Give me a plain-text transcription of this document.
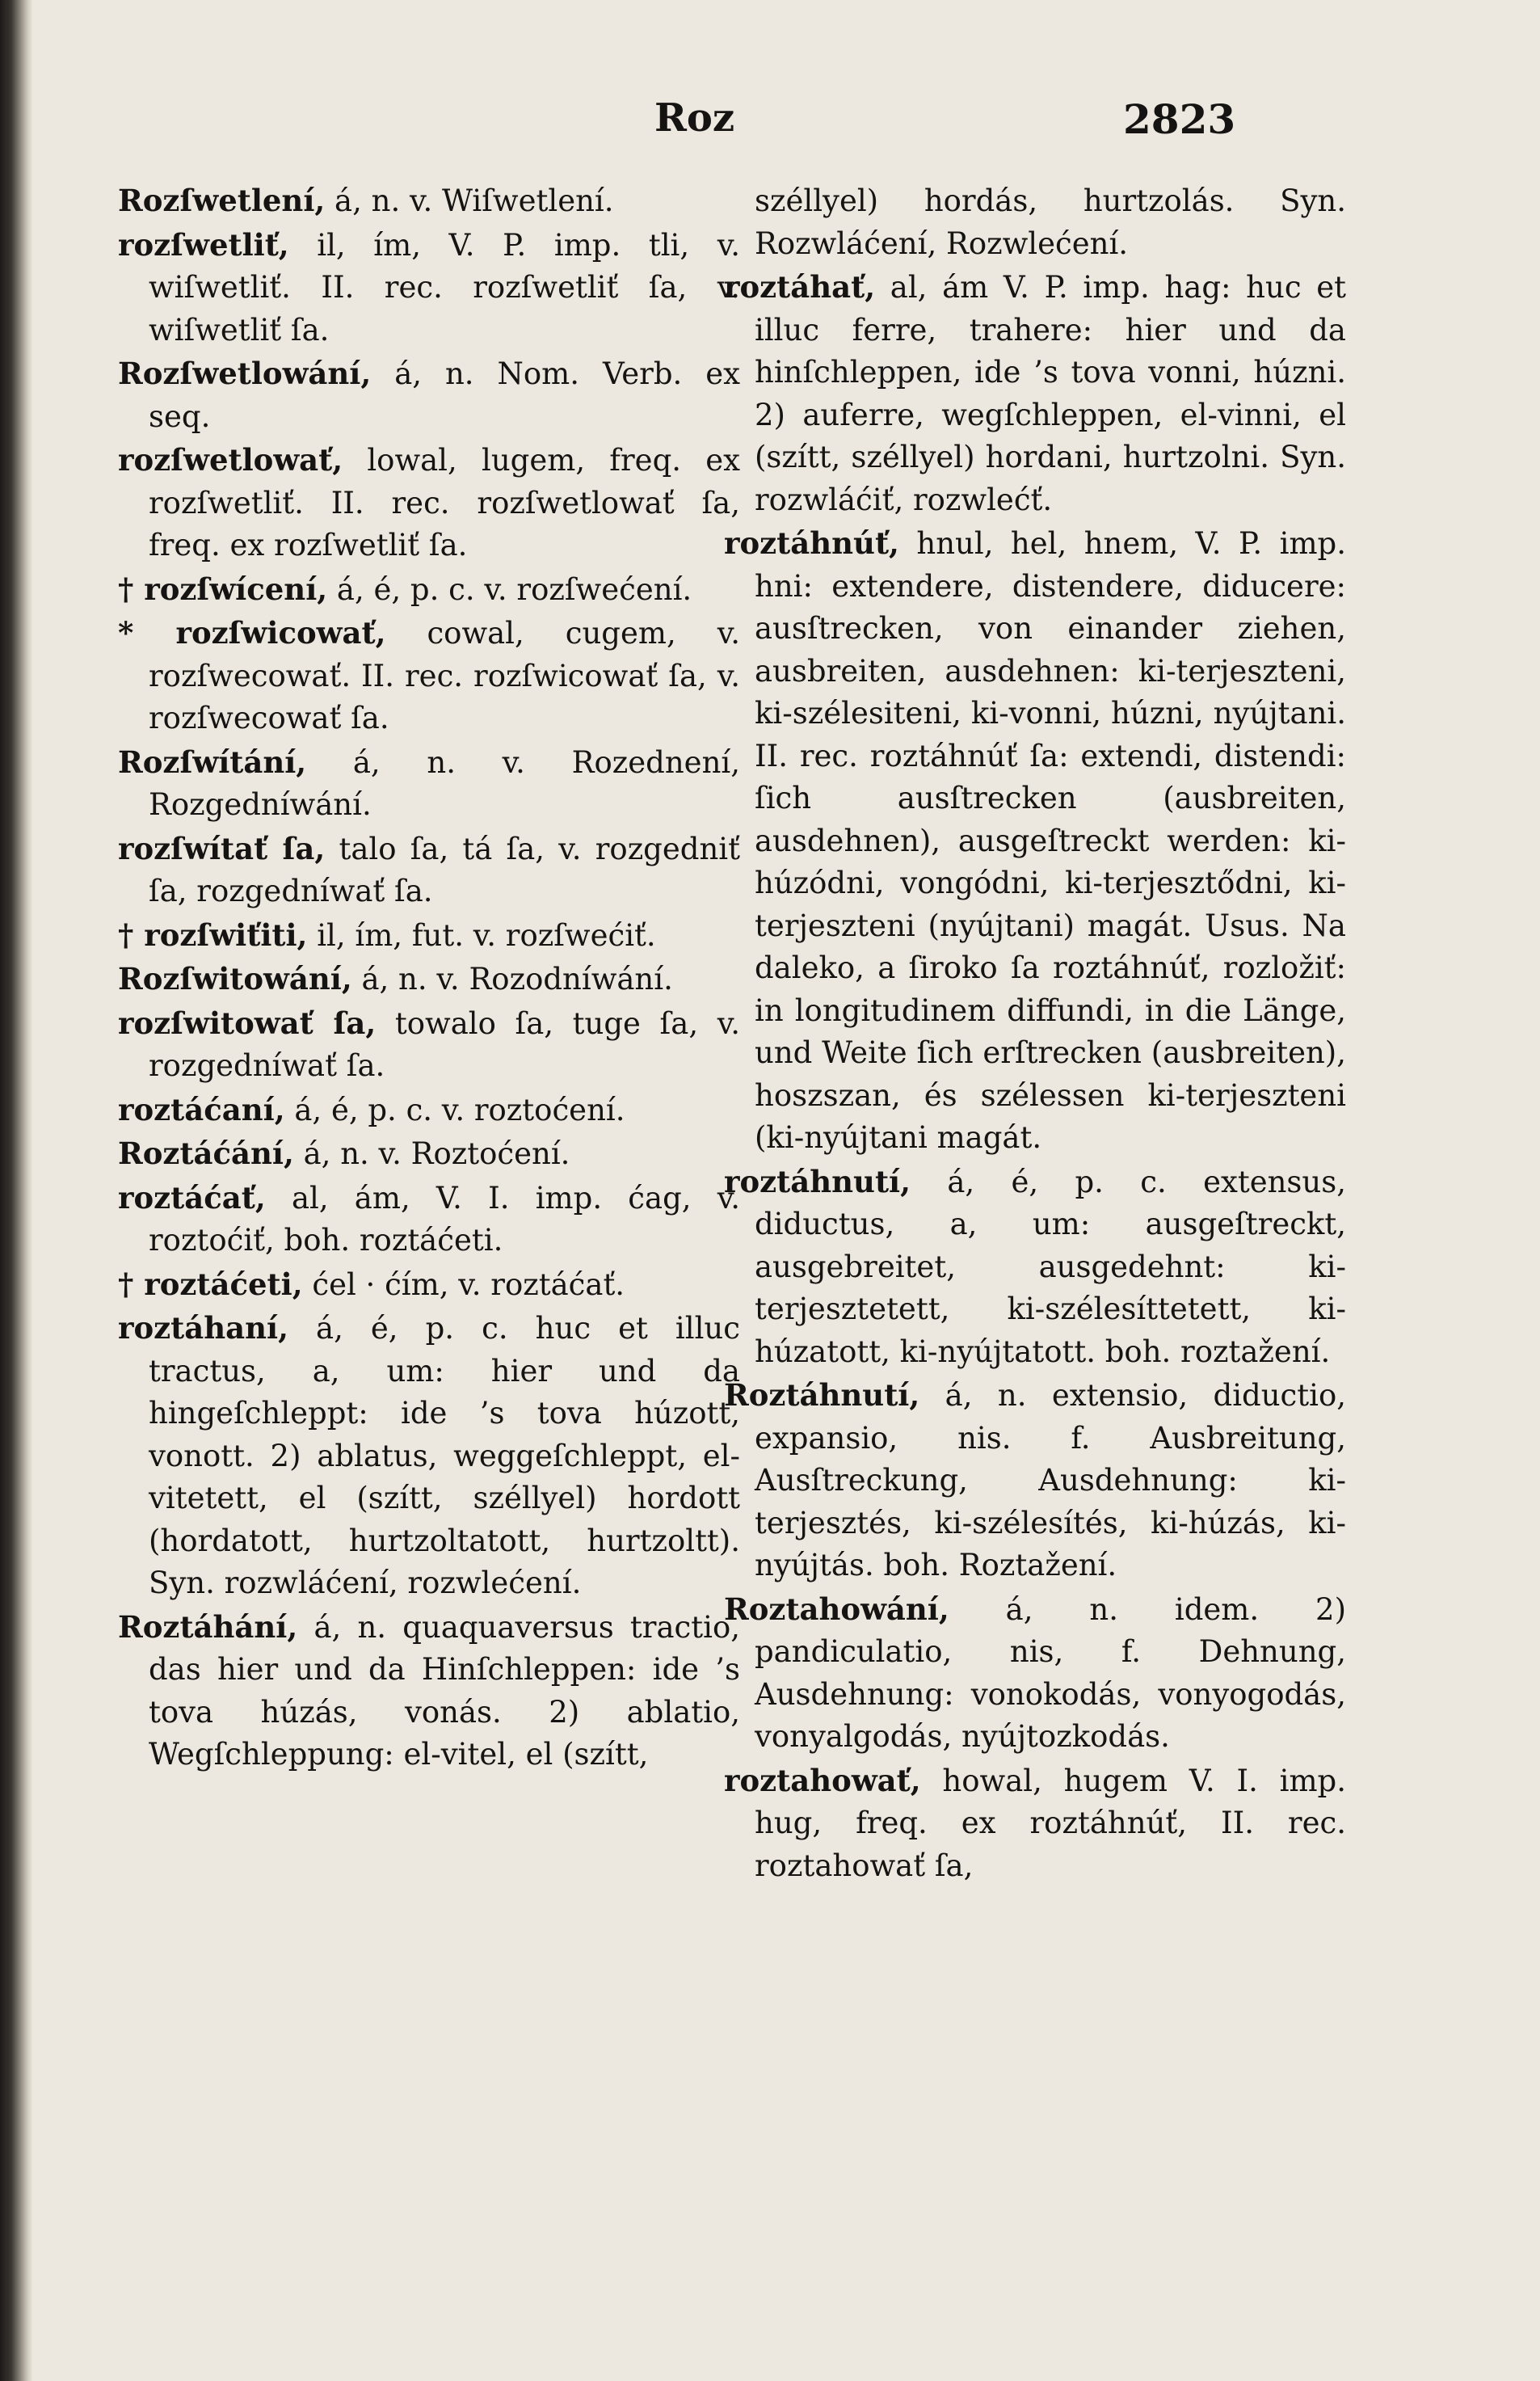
Roz	2823

Rozſwetlení, á, n. v. Wiſwetlení.

rozſwetliť, il, ím, V. P. imp. tli, v. wiſwetliť. II. rec. rozſwetliť ſa, v. wiſwetliť ſa.

Rozſwetlowání, á, n. Nom. Verb. ex seq.

rozſwetlowať, lowal, lugem, freq. ex rozſwetliť. II. rec. rozſwetlowať ſa, freq. ex rozſwetliť ſa.

† rozſwícení, á, é, p. c. v. rozſwećení.

* rozſwicowať, cowal, cugem, v. rozſwecowať. II. rec. rozſwicowať ſa, v. rozſwecowať ſa.

Rozſwítání, á, n. v. Rozednení, Rozgedníwání.

rozſwítať ſa, talo ſa, tá ſa, v. rozgedniť ſa, rozgedníwať ſa.

† rozſwiťiti, il, ím, fut. v. rozſwećiť.

Rozſwitowání, á, n. v. Rozodníwání.

rozſwitowať ſa, towalo ſa, tuge ſa, v. rozgedníwať ſa.

roztáćaní, á, é, p. c. v. roztoćení.

Roztáćání, á, n. v. Roztoćení.

roztáćať, al, ám, V. I. imp. ćag, v. roztoćiť, boh. roztáćeti.

† roztáćeti, ćel · ćím, v. roztáćať.

roztáhaní, á, é, p. c. huc et illuc tractus, a, um: hier und da hingeſchleppt: ide ’s tova húzott, vonott. 2) ablatus, weggeſchleppt, el-vitetett, el (szítt, széllyel) hordott (hordatott, hurtzoltatott, hurtzoltt). Syn. rozwláćení, rozwlećení.

Roztáhání, á, n. quaquaversus tractio, das hier und da Hinſchleppen: ide ’s tova húzás, vonás. 2) ablatio, Wegſchleppung: el-vitel, el (szítt,

széllyel) hordás, hurtzolás. Syn. Rozwláćení, Rozwlećení.

roztáhať, al, ám V. P. imp. hag: huc et illuc ferre, trahere: hier und da hinſchleppen, ide ’s tova vonni, húzni. 2) auferre, wegſchleppen, el-vinni, el (szítt, széllyel) hordani, hurtzolni. Syn. rozwláćiť, rozwlećť.

roztáhnúť, hnul, hel, hnem, V. P. imp. hni: extendere, distendere, diducere: ausſtrecken, von einander ziehen, ausbreiten, ausdehnen: ki-terjeszteni, ki-szélesiteni, ki-vonni, húzni, nyújtani. II. rec. roztáhnúť ſa: extendi, distendi: ſich ausſtrecken (ausbreiten, ausdehnen), ausgeſtreckt werden: ki-húzódni, vongódni, ki-terjesztődni, ki-terjeszteni (nyújtani) magát. Usus. Na daleko, a ſiroko ſa roztáhnúť, rozložiť: in longitudinem diffundi, in die Länge, und Weite ſich erſtrecken (ausbreiten), hoszszan, és szélessen ki-terjeszteni (ki-nyújtani magát.

roztáhnutí, á, é, p. c. extensus, diductus, a, um: ausgeſtreckt, ausgebreitet, ausgedehnt: ki-terjesztetett, ki-szélesíttetett, ki-húzatott, ki-nyújtatott. boh. roztažení.

Roztáhnutí, á, n. extensio, diductio, expansio, nis. f. Ausbreitung, Ausſtreckung, Ausdehnung: ki-terjesztés, ki-szélesítés, ki-húzás, ki-nyújtás. boh. Roztažení.

Roztahowání, á, n. idem. 2) pandiculatio, nis, f. Dehnung, Ausdehnung: vonokodás, vonyogodás, vonyalgodás, nyújtozkodás.

roztahowať, howal, hugem V. I. imp. hug, freq. ex roztáhnúť, II. rec. roztahowať ſa,
